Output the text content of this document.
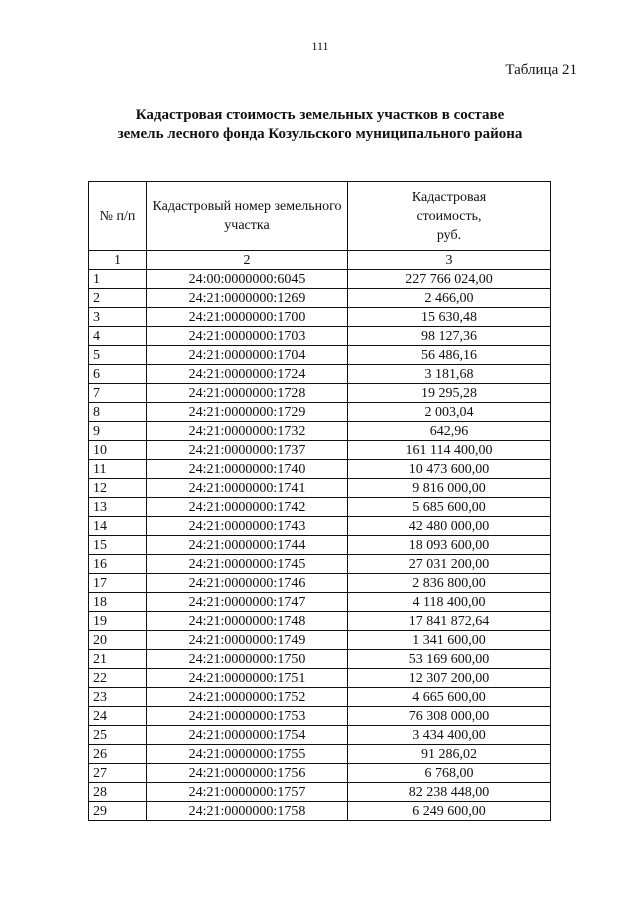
111
Таблица 21
Кадастровая стоимость земельных участков в составе
земель лесного фонда Козульского муниципального района
№ п/п	Кадастровый номер земельного участка	Кадастровая
стоимость,
руб.

1	2	3
1	24:00:0000000:6045	227 766 024,00
2	24:21:0000000:1269	2 466,00
3	24:21:0000000:1700	15 630,48
4	24:21:0000000:1703	98 127,36
5	24:21:0000000:1704	56 486,16
6	24:21:0000000:1724	3 181,68
7	24:21:0000000:1728	19 295,28
8	24:21:0000000:1729	2 003,04
9	24:21:0000000:1732	642,96
10	24:21:0000000:1737	161 114 400,00
11	24:21:0000000:1740	10 473 600,00
12	24:21:0000000:1741	9 816 000,00
13	24:21:0000000:1742	5 685 600,00
14	24:21:0000000:1743	42 480 000,00
15	24:21:0000000:1744	18 093 600,00
16	24:21:0000000:1745	27 031 200,00
17	24:21:0000000:1746	2 836 800,00
18	24:21:0000000:1747	4 118 400,00
19	24:21:0000000:1748	17 841 872,64
20	24:21:0000000:1749	1 341 600,00
21	24:21:0000000:1750	53 169 600,00
22	24:21:0000000:1751	12 307 200,00
23	24:21:0000000:1752	4 665 600,00
24	24:21:0000000:1753	76 308 000,00
25	24:21:0000000:1754	3 434 400,00
26	24:21:0000000:1755	91 286,02
27	24:21:0000000:1756	6 768,00
28	24:21:0000000:1757	82 238 448,00
29	24:21:0000000:1758	6 249 600,00
